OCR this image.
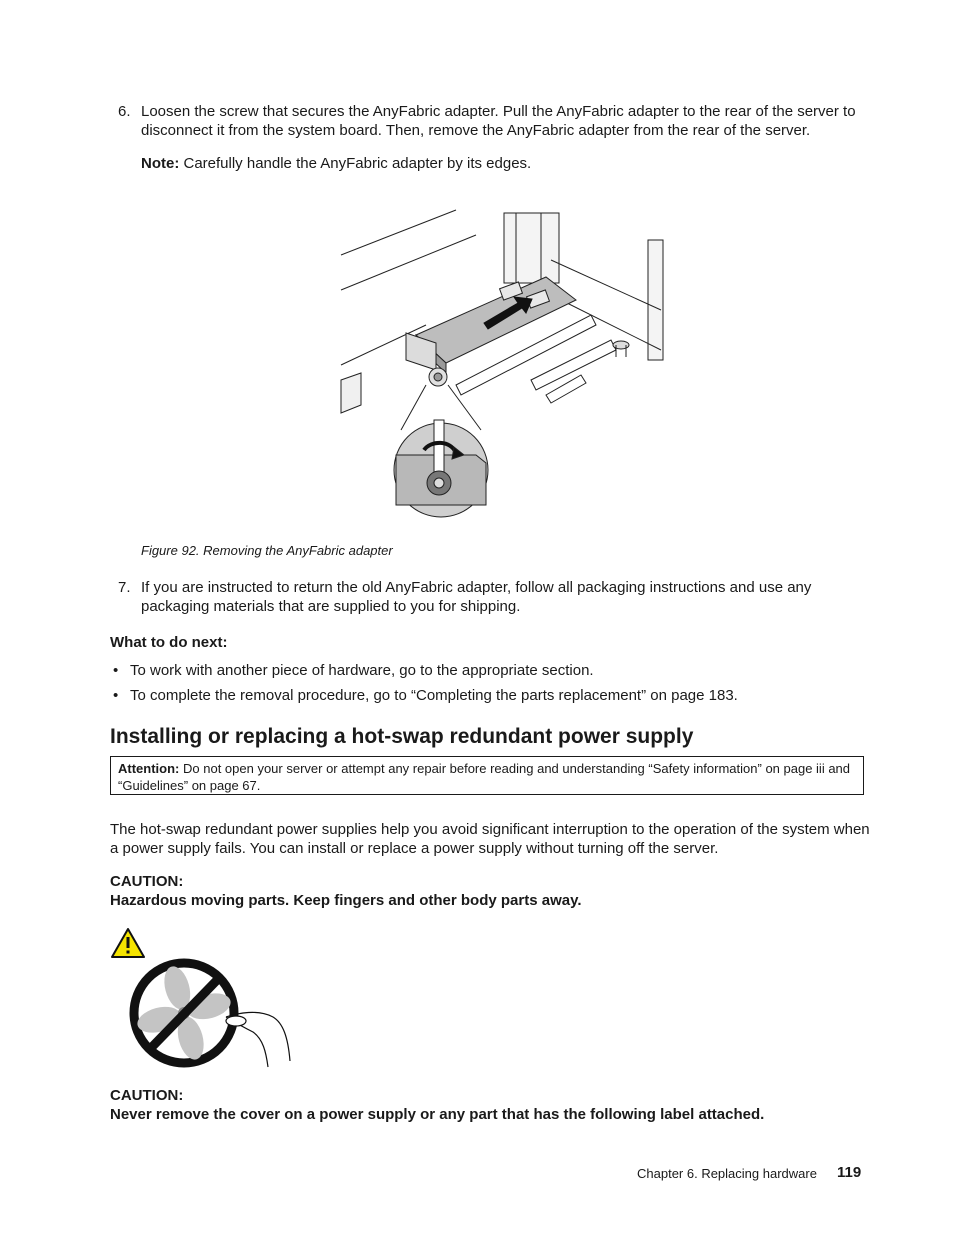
6. Loosen the screw that secures the AnyFabric adapter. Pull the AnyFabric adapter to the rear of the server to disconnect it from the system board. Then, remove the AnyFabric adapter from the rear of the server.
Note: Carefully handle the AnyFabric adapter by its edges.
Figure 92. Removing the AnyFabric adapter
7. If you are instructed to return the old AnyFabric adapter, follow all packaging instructions and use any packaging materials that are supplied to you for shipping.
What to do next:
• To work with another piece of hardware, go to the appropriate section.
• To complete the removal procedure, go to “Completing the parts replacement” on page 183.
Installing or replacing a hot-swap redundant power supply
Attention: Do not open your server or attempt any repair before reading and understanding “Safety information” on page iii and “Guidelines” on page 67.
The hot-swap redundant power supplies help you avoid significant interruption to the operation of the system when a power supply fails. You can install or replace a power supply without turning off the server.
CAUTION:
Hazardous moving parts. Keep fingers and other body parts away.
CAUTION:
Never remove the cover on a power supply or any part that has the following label attached.
Chapter 6. Replacing hardware 119
